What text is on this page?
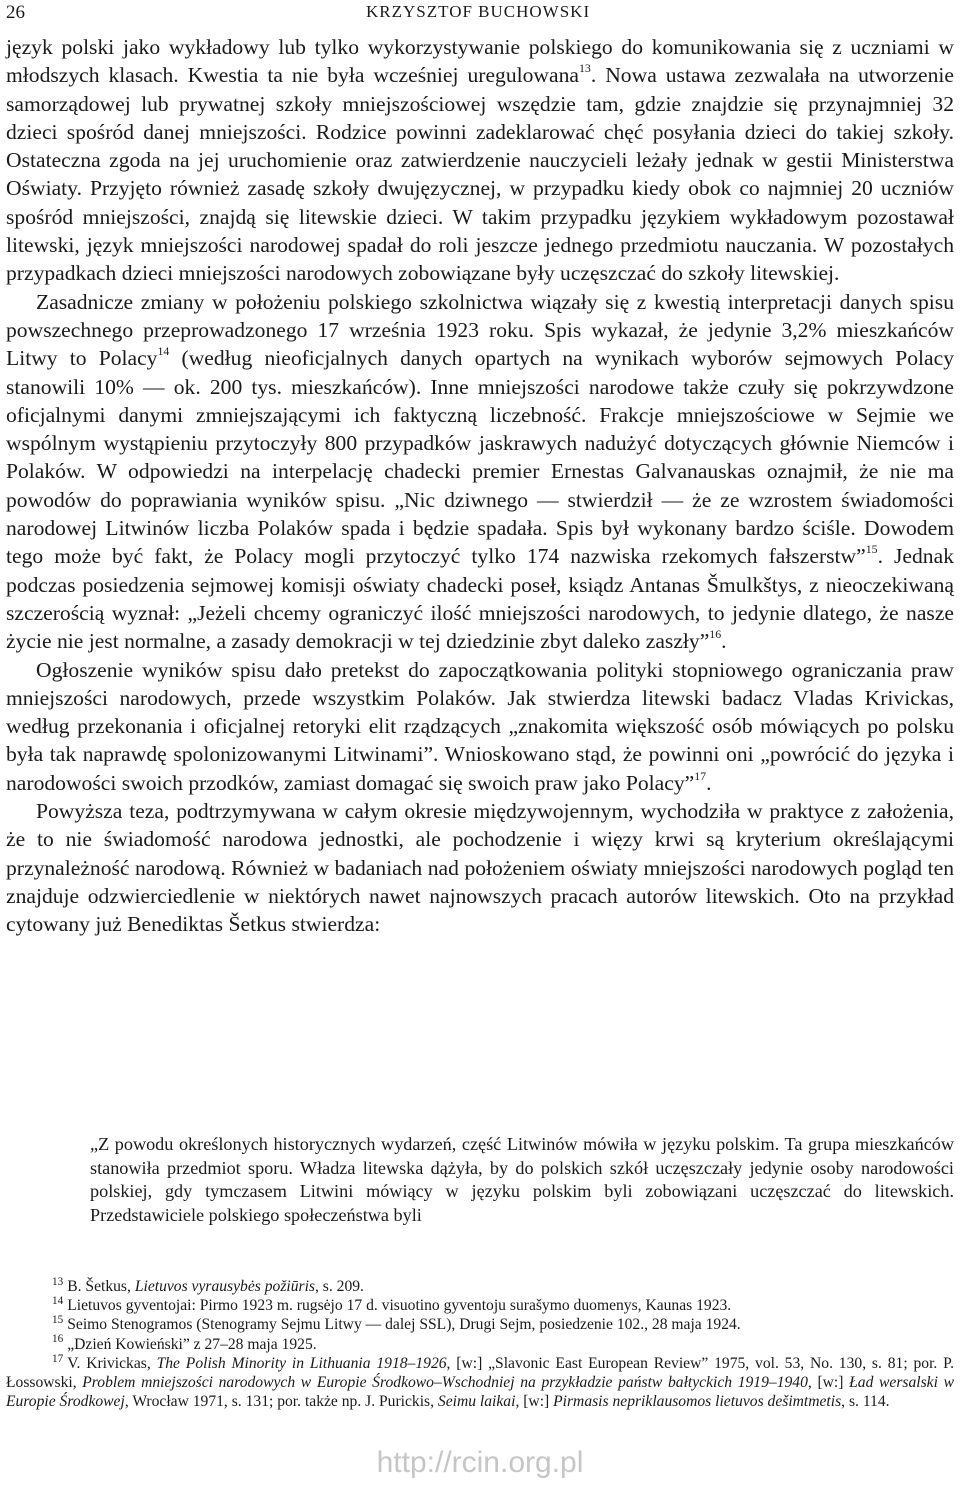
26	KRZYSZTOF BUCHOWSKI

język polski jako wykładowy lub tylko wykorzystywanie polskiego do komunikowania się z uczniami w młodszych klasach. Kwestia ta nie była wcześniej uregulowana$^{13}$. Nowa ustawa zezwalała na utworzenie samorządowej lub prywatnej szkoły mniejszościowej wszędzie tam, gdzie znajdzie się przynajmniej 32 dzieci spośród danej mniejszości. Rodzice powinni zadeklarować chęć posyłania dzieci do takiej szkoły. Ostateczna zgoda na jej uruchomienie oraz zatwierdzenie nauczycieli leżały jednak w gestii Ministerstwa Oświaty. Przyjęto również zasadę szkoły dwujęzycznej, w przypadku kiedy obok co najmniej 20 uczniów spośród mniejszości, znajdą się litewskie dzieci. W takim przypadku językiem wykładowym pozostawał litewski, język mniejszości narodowej spadał do roli jeszcze jednego przedmiotu nauczania. W pozostałych przypadkach dzieci mniejszości narodowych zobowiązane były uczęszczać do szkoły litewskiej.

Zasadnicze zmiany w położeniu polskiego szkolnictwa wiązały się z kwestią interpretacji danych spisu powszechnego przeprowadzonego 17 września 1923 roku. Spis wykazał, że jedynie 3,2% mieszkańców Litwy to Polacy$^{14}$ (według nieoficjalnych danych opartych na wynikach wyborów sejmowych Polacy stanowili 10% — ok. 200 tys. mieszkańców). Inne mniejszości narodowe także czuły się pokrzywdzone oficjalnymi danymi zmniejszającymi ich faktyczną liczebność. Frakcje mniejszościowe w Sejmie we wspólnym wystąpieniu przytoczyły 800 przypadków jaskrawych nadużyć dotyczących głównie Niemców i Polaków. W odpowiedzi na interpelację chadecki premier Ernestas Galvanauskas oznajmił, że nie ma powodów do poprawiania wyników spisu. „Nic dziwnego — stwierdził — że ze wzrostem świadomości narodowej Litwinów liczba Polaków spada i będzie spadała. Spis był wykonany bardzo ściśle. Dowodem tego może być fakt, że Polacy mogli przytoczyć tylko 174 nazwiska rzekomych fałszerstw”$^{15}$. Jednak podczas posiedzenia sejmowej komisji oświaty chadecki poseł, ksiądz Antanas Šmulkštys, z nieoczekiwaną szczerością wyznał: „Jeżeli chcemy ograniczyć ilość mniejszości narodowych, to jedynie dlatego, że nasze życie nie jest normalne, a zasady demokracji w tej dziedzinie zbyt daleko zaszły”$^{16}$.

Ogłoszenie wyników spisu dało pretekst do zapoczątkowania polityki stopniowego ograniczania praw mniejszości narodowych, przede wszystkim Polaków. Jak stwierdza litewski badacz Vladas Krivickas, według przekonania i oficjalnej retoryki elit rządzących „znakomita większość osób mówiących po polsku była tak naprawdę spolonizowanymi Litwinami”. Wnioskowano stąd, że powinni oni „powrócić do języka i narodowości swoich przodków, zamiast domagać się swoich praw jako Polacy”$^{17}$.

Powyższa teza, podtrzymywana w całym okresie międzywojennym, wychodziła w praktyce z założenia, że to nie świadomość narodowa jednostki, ale pochodzenie i więzy krwi są kryterium określającymi przynależność narodową. Również w badaniach nad położeniem oświaty mniejszości narodowych pogląd ten znajduje odzwierciedlenie w niektórych nawet najnowszych pracach autorów litewskich. Oto na przykład cytowany już Benediktas Šetkus stwierdza:

„Z powodu określonych historycznych wydarzeń, część Litwinów mówiła w języku polskim. Ta grupa mieszkańców stanowiła przedmiot sporu. Władza litewska dążyła, by do polskich szkół uczęszczały jedynie osoby narodowości polskiej, gdy tymczasem Litwini mówiący w języku polskim byli zobowiązani uczęszczać do litewskich. Przedstawiciele polskiego społeczeństwa byli

$^{13}$ B. Šetkus, Lietuvos vyrausybės požiūris, s. 209.

$^{14}$ Lietuvos gyventojai: Pirmo 1923 m. rugsėjo 17 d. visuotino gyventoju surašymo duomenys, Kaunas 1923.

$^{15}$ Seimo Stenogramos (Stenogramy Sejmu Litwy — dalej SSL), Drugi Sejm, posiedzenie 102., 28 maja 1924.

$^{16}$ „Dzień Kowieński” z 27–28 maja 1925.

$^{17}$ V. Krivickas, The Polish Minority in Lithuania 1918–1926, [w:] „Slavonic East European Review” 1975, vol. 53, No. 130, s. 81; por. P. Łossowski, Problem mniejszości narodowych w Europie Środkowo–Wschodniej na przykładzie państw bałtyckich 1919–1940, [w:] Ład wersalski w Europie Środkowej, Wrocław 1971, s. 131; por. także np. J. Purickis, Seimu laikai, [w:] Pirmasis nepriklausomos lietuvos dešimtmetis, s. 114.

http://rcin.org.pl
